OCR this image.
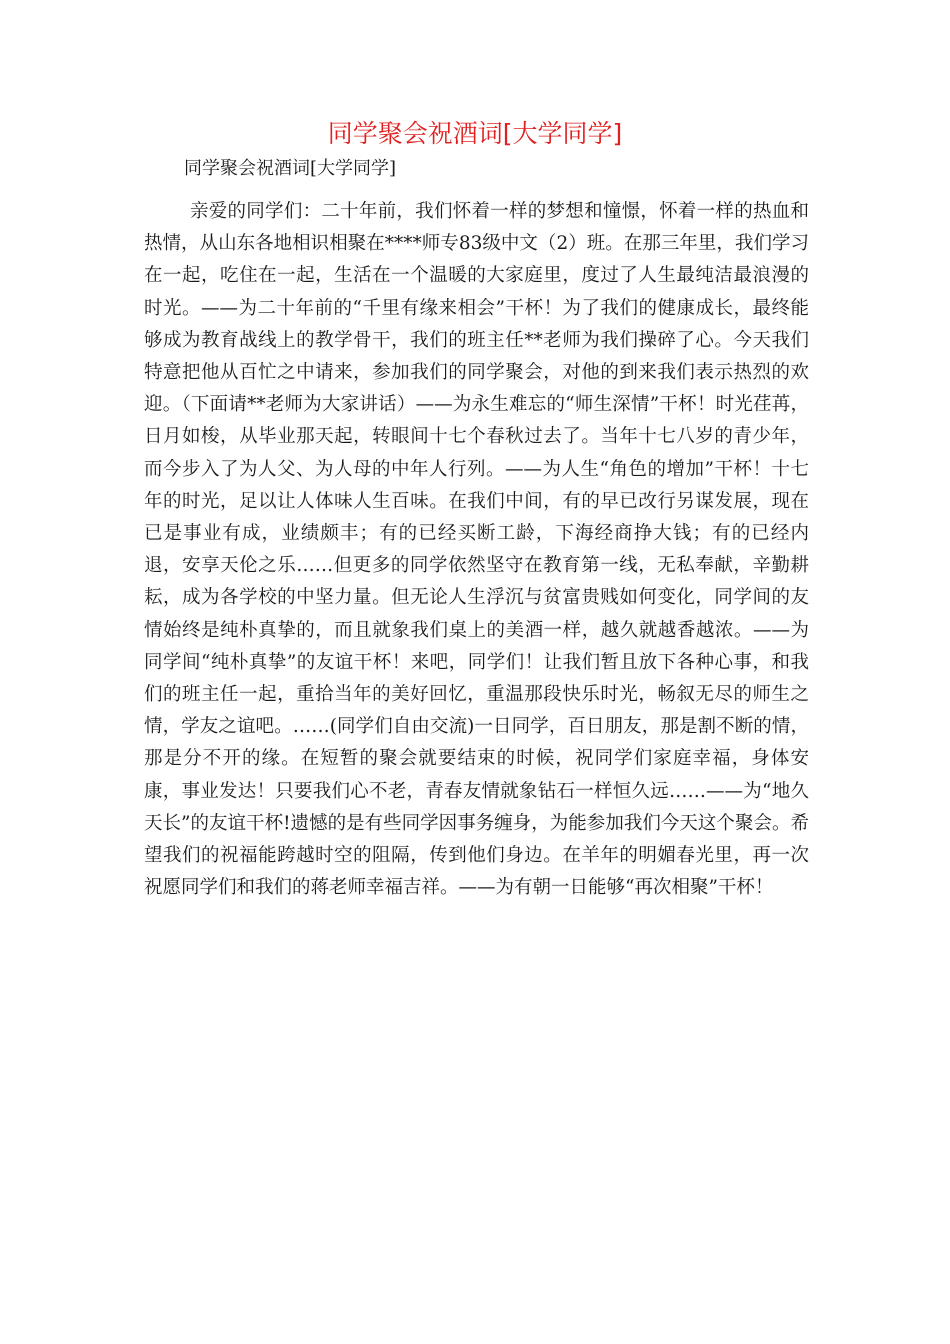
同学聚会祝酒词[大学同学]

同学聚会祝酒词[大学同学]

亲爱的同学们：二十年前，我们怀着一样的梦想和憧憬，怀着一样的热血和热情，从山东各地相识相聚在****师专83级中文（2）班。在那三年里，我们学习在一起，吃住在一起，生活在一个温暖的大家庭里，度过了人生最纯洁最浪漫的时光。——为二十年前的“千里有缘来相会”干杯！为了我们的健康成长，最终能够成为教育战线上的教学骨干，我们的班主任**老师为我们操碎了心。今天我们特意把他从百忙之中请来，参加我们的同学聚会，对他的到来我们表示热烈的欢迎。（下面请**老师为大家讲话）——为永生难忘的“师生深情”干杯！时光荏苒，日月如梭，从毕业那天起，转眼间十七个春秋过去了。当年十七八岁的青少年，而今步入了为人父、为人母的中年人行列。——为人生“角色的增加”干杯！十七年的时光，足以让人体味人生百味。在我们中间，有的早已改行另谋发展，现在已是事业有成，业绩颇丰；有的已经买断工龄，下海经商挣大钱；有的已经内退，安享天伦之乐……但更多的同学依然坚守在教育第一线，无私奉献，辛勤耕耘，成为各学校的中坚力量。但无论人生浮沉与贫富贵贱如何变化，同学间的友情始终是纯朴真挚的，而且就象我们桌上的美酒一样，越久就越香越浓。——为同学间“纯朴真挚”的友谊干杯！来吧，同学们！让我们暂且放下各种心事，和我们的班主任一起，重拾当年的美好回忆，重温那段快乐时光，畅叙无尽的师生之情，学友之谊吧。……(同学们自由交流)一日同学，百日朋友，那是割不断的情，那是分不开的缘。在短暂的聚会就要结束的时候，祝同学们家庭幸福，身体安康，事业发达！只要我们心不老，青春友情就象钻石一样恒久远……——为“地久天长”的友谊干杯!遗憾的是有些同学因事务缠身，为能参加我们今天这个聚会。希望我们的祝福能跨越时空的阻隔，传到他们身边。在羊年的明媚春光里，再一次祝愿同学们和我们的蒋老师幸福吉祥。——为有朝一日能够“再次相聚”干杯！
